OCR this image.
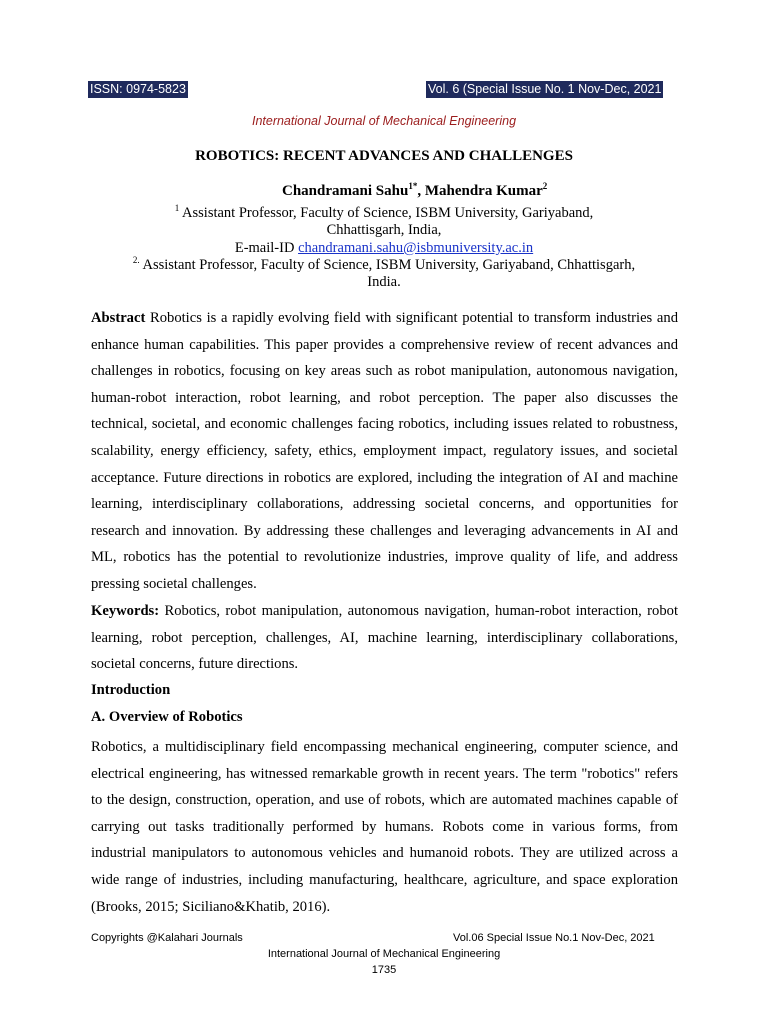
ISSN: 0974-5823	Vol. 6 (Special Issue No. 1 Nov-Dec, 2021
International Journal of Mechanical Engineering
ROBOTICS: RECENT ADVANCES AND CHALLENGES
Chandramani Sahu$^{1*}$, Mahendra Kumar$^2$
$^1$ Assistant Professor, Faculty of Science, ISBM University, Gariyaband,
Chhattisgarh, India,
E-mail-ID chandramani.sahu@isbmuniversity.ac.in
$^{2.}$ Assistant Professor, Faculty of Science, ISBM University, Gariyaband, Chhattisgarh,
India.

Abstract Robotics is a rapidly evolving field with significant potential to transform industries and enhance human capabilities. This paper provides a comprehensive review of recent advances and challenges in robotics, focusing on key areas such as robot manipulation, autonomous navigation, human-robot interaction, robot learning, and robot perception. The paper also discusses the technical, societal, and economic challenges facing robotics, including issues related to robustness, scalability, energy efficiency, safety, ethics, employment impact, regulatory issues, and societal acceptance. Future directions in robotics are explored, including the integration of AI and machine learning, interdisciplinary collaborations, addressing societal concerns, and opportunities for research and innovation. By addressing these challenges and leveraging advancements in AI and ML, robotics has the potential to revolutionize industries, improve quality of life, and address pressing societal challenges.

Keywords: Robotics, robot manipulation, autonomous navigation, human-robot interaction, robot learning, robot perception, challenges, AI, machine learning, interdisciplinary collaborations, societal concerns, future directions.

Introduction
A. Overview of Robotics

Robotics, a multidisciplinary field encompassing mechanical engineering, computer science, and electrical engineering, has witnessed remarkable growth in recent years. The term "robotics" refers to the design, construction, operation, and use of robots, which are automated machines capable of carrying out tasks traditionally performed by humans. Robots come in various forms, from industrial manipulators to autonomous vehicles and humanoid robots. They are utilized across a wide range of industries, including manufacturing, healthcare, agriculture, and space exploration (Brooks, 2015; Siciliano&Khatib, 2016).

Copyrights @Kalahari Journals	Vol.06 Special Issue No.1 Nov-Dec, 2021
International Journal of Mechanical Engineering
1735
